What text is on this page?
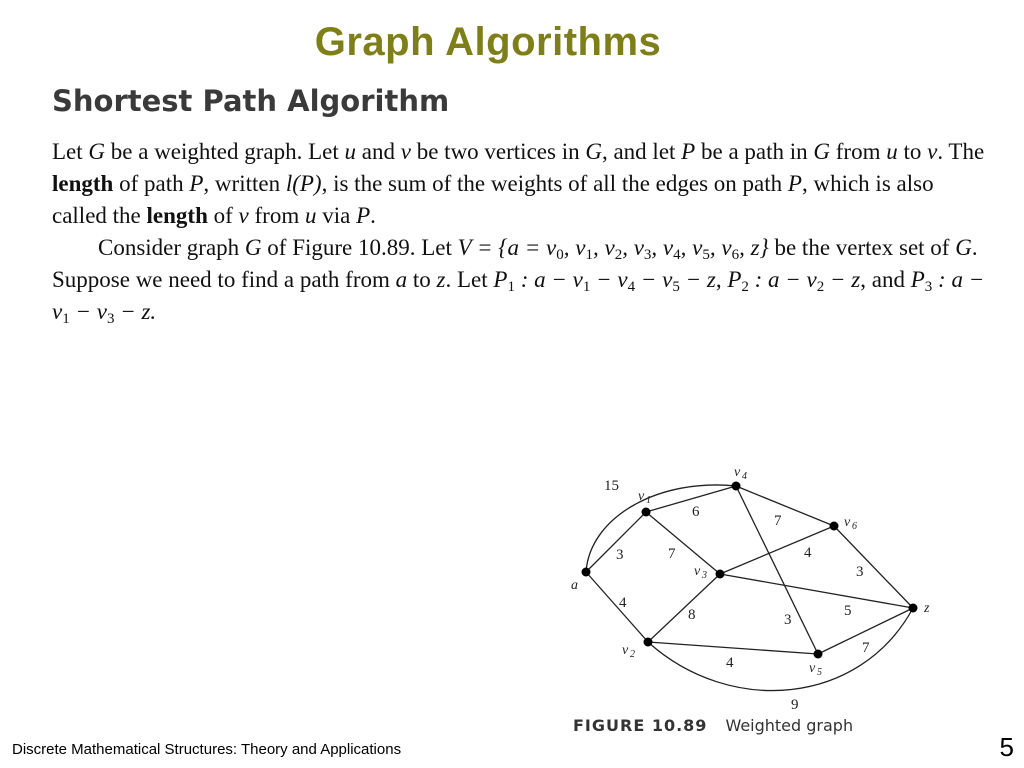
Graph Algorithms
Shortest Path Algorithm

Let G be a weighted graph. Let u and v be two vertices in G, and let P be a path in G from u to v. The length of path P, written l(P), is the sum of the weights of all the edges on path P, which is also called the length of v from u via P.

Consider graph G of Figure 10.89. Let $V = \{a = v_0$, $v_1$, $v_2$, $v_3$, $v_4$, $v_5$, $v_6$, z} be the vertex set of G. Suppose we need to find a path from a to z. Let $P_1$ : $a - v_1 - v_4 - v_5 - z$, $P_2$ : $a - v_2 - z$, and $P_3$ : $a - v_1 - v_3 - z$.

a
z
v 1
v 4
v 6
v 3
v 2
v 5
15
3
4
6
7
7
4
3
5
8	3
4
7
9
FIGURE 10.89 Weighted graph
Discrete Mathematical Structures: Theory and Applications	5
